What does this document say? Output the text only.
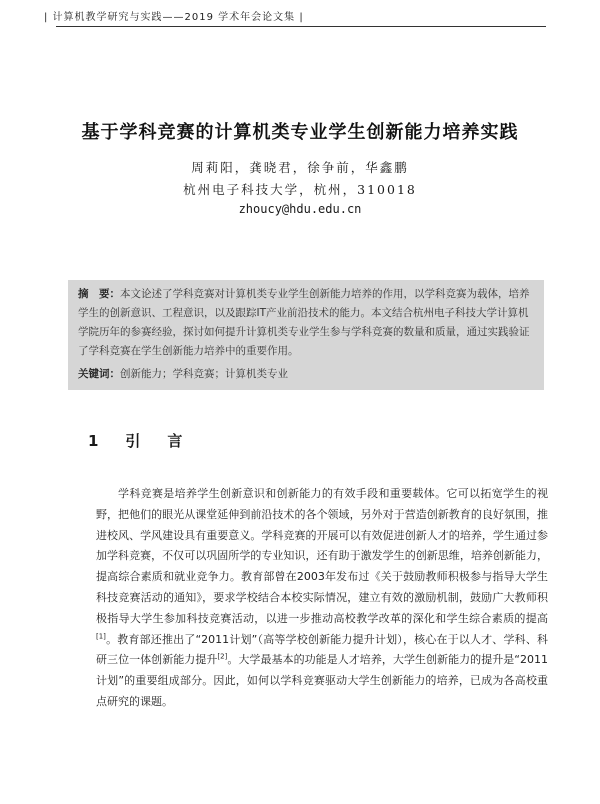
| 计算机教学研究与实践——2019 学术年会论文集 |
基于学科竞赛的计算机类专业学生创新能力培养实践
周莉阳，龚晓君，徐争前，华鑫鹏
杭州电子科技大学，杭州，310018
zhoucy@hdu.edu.cn
摘　要：本文论述了学科竞赛对计算机类专业学生创新能力培养的作用，以学科竞赛为载体，培养学生的创新意识、工程意识，以及跟踪IT产业前沿技术的能力。本文结合杭州电子科技大学计算机学院历年的参赛经验，探讨如何提升计算机类专业学生参与学科竞赛的数量和质量，通过实践验证了学科竞赛在学生创新能力培养中的重要作用。
关键词：创新能力；学科竞赛；计算机类专业
1　引　言

学科竞赛是培养学生创新意识和创新能力的有效手段和重要载体。它可以拓宽学生的视野，把他们的眼光从课堂延伸到前沿技术的各个领域，另外对于营造创新教育的良好氛围，推进校风、学风建设具有重要意义。学科竞赛的开展可以有效促进创新人才的培养，学生通过参加学科竞赛，不仅可以巩固所学的专业知识，还有助于激发学生的创新思维，培养创新能力，提高综合素质和就业竞争力。教育部曾在2003年发布过《关于鼓励教师积极参与指导大学生科技竞赛活动的通知》，要求学校结合本校实际情况，建立有效的激励机制，鼓励广大教师积极指导大学生参加科技竞赛活动，以进一步推动高校教学改革的深化和学生综合素质的提高[1]。教育部还推出了“2011计划”（高等学校创新能力提升计划），核心在于以人才、学科、科研三位一体创新能力提升[2]。大学最基本的功能是人才培养，大学生创新能力的提升是“2011计划”的重要组成部分。因此，如何以学科竞赛驱动大学生创新能力的培养，已成为各高校重点研究的课题。
